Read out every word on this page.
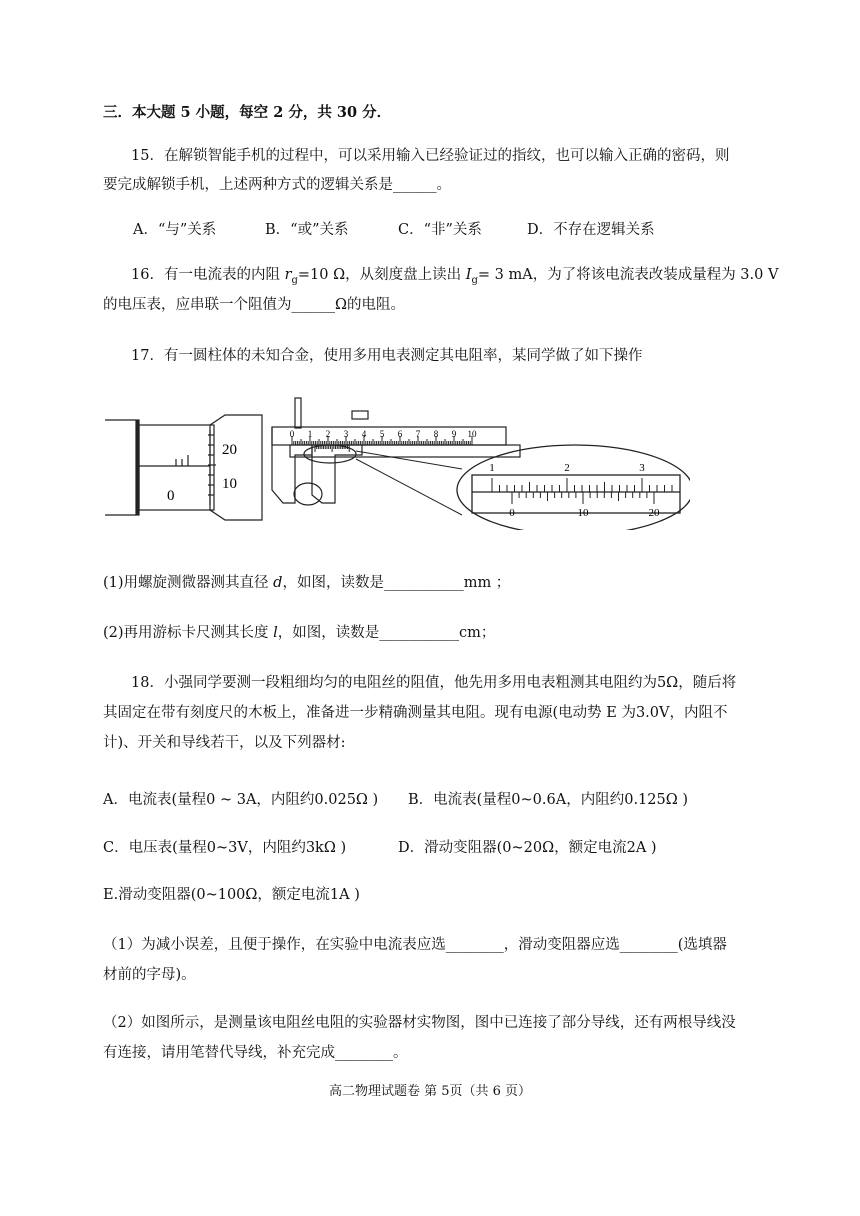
三．本大题 5 小题，每空 2 分，共 30 分．
15．在解锁智能手机的过程中，可以采用输入已经验证过的指纹，也可以输入正确的密码，则
要完成解锁手机，上述两种方式的逻辑关系是______。
A．“与”关系	B．“或”关系	C．“非”关系	D．不存在逻辑关系
16．有一电流表的内阻 $r_g=10$ Ω，从刻度盘上读出 $I_g= 3$ mA，为了将该电流表改装成量程为 3.0 V
的电压表，应串联一个阻值为______Ω的电阻。
17．有一圆柱体的未知合金，使用多用电表测定其电阻率，某同学做了如下操作
20
10
0
0 1 2 3 4 5 6 7 8 9 10
1	2	3
0	10	20
(1)用螺旋测微器测其直径 d，如图，读数是___________mm ；
(2)再用游标卡尺测其长度 l，如图，读数是___________cm；
18．小强同学要测一段粗细均匀的电阻丝的阻值，他先用多用电表粗测其电阻约为5Ω，随后将
其固定在带有刻度尺的木板上，准备进一步精确测量其电阻。现有电源(电动势 E 为3.0V，内阻不
计)、开关和导线若干，以及下列器材:
A．电流表(量程0 ~ 3A，内阻约0.025Ω ) B．电流表(量程0~0.6A，内阻约0.125Ω )
C．电压表(量程0~3V，内阻约3kΩ )	D．滑动变阻器(0~20Ω，额定电流2A )
E.滑动变阻器(0~100Ω，额定电流1A )
（1）为减小误差，且便于操作，在实验中电流表应选________，滑动变阻器应选________(选填器
材前的字母)。
（2）如图所示，是测量该电阻丝电阻的实验器材实物图，图中已连接了部分导线，还有两根导线没
有连接，请用笔替代导线，补充完成________。
高二物理试题卷 第 5页（共 6 页）
